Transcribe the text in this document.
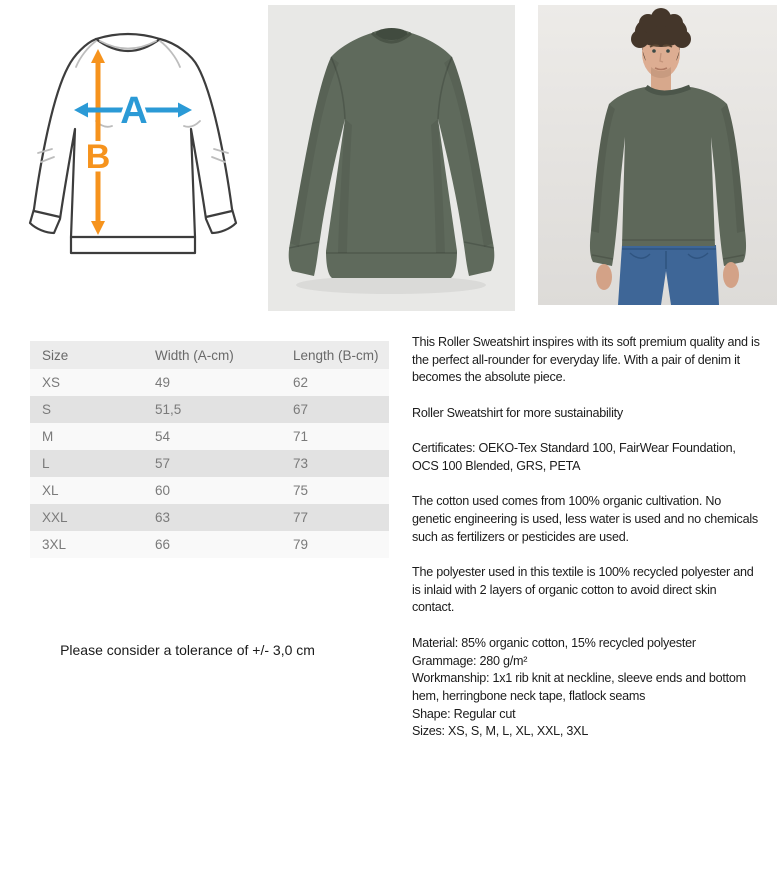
A
B
Size	Width (A-cm)	Length (B-cm)
XS	49	62
S	51,5	67
M	54	71
L	57	73
XL	60	75
XXL	63	77
3XL	66	79
Please consider a tolerance of +/- 3,0 cm

This Roller Sweatshirt inspires with its soft premium quality and is the perfect all-rounder for everyday life. With a pair of denim it becomes the absolute piece.

Roller Sweatshirt for more sustainability

Certificates: OEKO-Tex Standard 100, FairWear Foundation, OCS 100 Blended, GRS, PETA

The cotton used comes from 100% organic cultivation. No genetic engineering is used, less water is used and no chemicals such as fertilizers or pesticides are used.

The polyester used in this textile is 100% recycled polyester and is inlaid with 2 layers of organic cotton to avoid direct skin contact.

Material: 85% organic cotton, 15% recycled polyester

Grammage: 280 g/m²

Workmanship: 1x1 rib knit at neckline, sleeve ends and bottom hem, herringbone neck tape, flatlock seams

Shape: Regular cut

Sizes: XS, S, M, L, XL, XXL, 3XL
